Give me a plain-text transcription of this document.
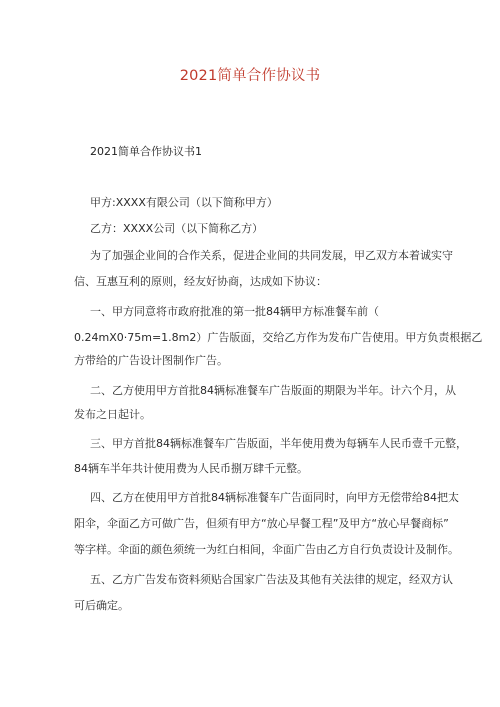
2021简单合作协议书
2021简单合作协议书1
甲方:XXXX有限公司（以下简称甲方）
乙方：XXXX公司（以下简称乙方）
为了加强企业间的合作关系，促进企业间的共同发展，甲乙双方本着诚实守
信、互惠互利的原则，经友好协商，达成如下协议：
一、甲方同意将市政府批准的第一批84辆甲方标准餐车前（
0.24mX0·75m=1.8m2）广告版面，交给乙方作为发布广告使用。甲方负责根据乙
方带给的广告设计图制作广告。
二、乙方使用甲方首批84辆标准餐车广告版面的期限为半年。计六个月，从
发布之日起计。
三、甲方首批84辆标准餐车广告版面，半年使用费为每辆车人民币壹千元整，
84辆车半年共计使用费为人民币捌万肆千元整。
四、乙方在使用甲方首批84辆标准餐车广告面同时，向甲方无偿带给84把太
阳伞，伞面乙方可做广告，但须有甲方“放心早餐工程”及甲方“放心早餐商标”
等字样。伞面的颜色须统一为红白相间，伞面广告由乙方自行负责设计及制作。
五、乙方广告发布资料须贴合国家广告法及其他有关法律的规定，经双方认
可后确定。
